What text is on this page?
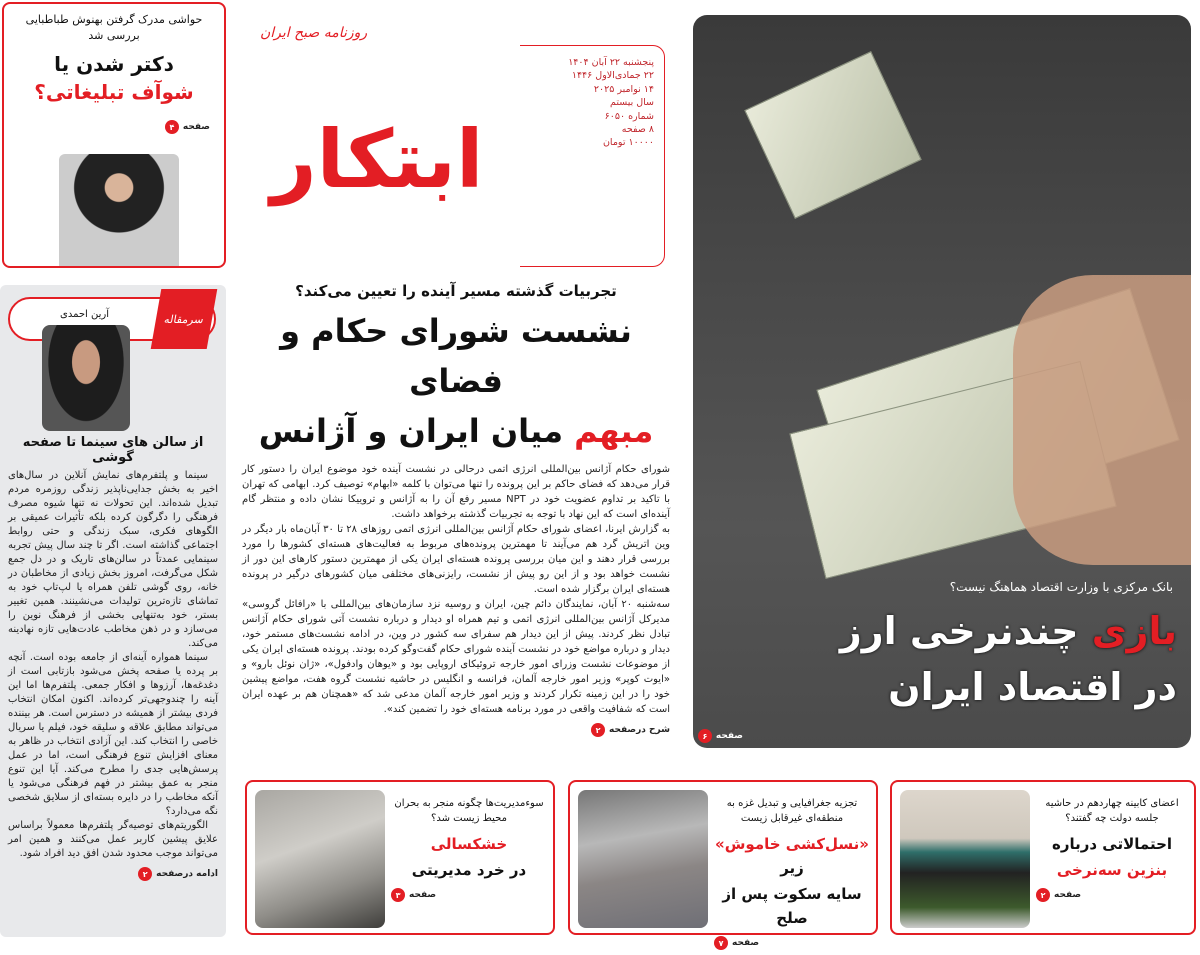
حواشی مدرک گرفتن بهنوش طباطبایی بررسی شد
دکتر شدن یا
شوآف تبلیغاتی؟
صفحه
۴
سرمقاله
آرین احمدی
از سالن های سینما تا صفحه گوشی

سینما و پلتفرم‌های نمایش آنلاین در سال‌های اخیر به بخش جدایی‌ناپذیر زندگی روزمره مردم تبدیل شده‌اند. این تحولات نه تنها شیوه مصرف فرهنگی را دگرگون کرده بلکه تأثیرات عمیقی بر الگوهای فکری، سبک زندگی و حتی روابط اجتماعی گذاشته است. اگر تا چند سال پیش تجربه سینمایی عمدتاً در سالن‌های تاریک و در دل جمع شکل می‌گرفت، امروز بخش زیادی از مخاطبان در خانه، روی گوشی تلفن همراه یا لپ‌تاپ خود به تماشای تازه‌ترین تولیدات می‌نشینند. همین تغییر بستر، خود به‌تنهایی بخشی از فرهنگ نوین را می‌سازد و در ذهن مخاطب عادت‌هایی تازه نهادینه می‌کند.

سینما همواره آینه‌ای از جامعه بوده است. آنچه بر پرده یا صفحه پخش می‌شود بازتابی است از دغدغه‌ها، آرزوها و افکار جمعی. پلتفرم‌ها اما این آینه را چندوجهی‌تر کرده‌اند. اکنون امکان انتخاب فردی بیشتر از همیشه در دسترس است. هر بیننده می‌تواند مطابق علاقه و سلیقه خود، فیلم یا سریال خاصی را انتخاب کند. این آزادی انتخاب در ظاهر به معنای افزایش تنوع فرهنگی است، اما در عمل پرسش‌هایی جدی را مطرح می‌کند. آیا این تنوع منجر به عمق بیشتر در فهم فرهنگی می‌شود یا آنکه مخاطب را در دایره بسته‌ای از سلایق شخصی نگه می‌دارد؟

الگوریتم‌های توصیه‌گر پلتفرم‌ها معمولاً براساس علایق پیشین کاربر عمل می‌کنند و همین امر می‌تواند موجب محدود شدن افق دید افراد شود.

ادامه درصفحه
۲
ابتکار
روزنامه صبح ایران
پنجشنبه ۲۲ آبان ۱۴۰۴
۲۲ جمادی‌الاول ۱۴۴۶
۱۴ نوامبر ۲۰۲۵
سال بیستم
شماره ۶۰۵۰
۸ صفحه
۱۰۰۰۰ تومان
تجربیات گذشته مسیر آینده را تعیین می‌کند؟
نشست شورای حکام و فضای
مبهم میان ایران و آژانس

شورای حکام آژانس بین‌المللی انرژی اتمی درحالی در نشست آینده خود موضوع ایران را دستور کار قرار می‌دهد که فضای حاکم بر این پرونده را تنها می‌توان با کلمه «ابهام» توصیف کرد. ابهامی که تهران با تاکید بر تداوم عضویت خود در NPT مسیر رفع آن را به آژانس و تروییکا نشان داده و منتظر گام آینده‌ای است که این نهاد با توجه به تجربیات گذشته برخواهد داشت.

به گزارش ایرنا، اعضای شورای حکام آژانس بین‌المللی انرژی اتمی روزهای ۲۸ تا ۳۰ آبان‌ماه بار دیگر در وین اتریش گرد هم می‌آیند تا مهمترین پرونده‌های مربوط به فعالیت‌های هسته‌ای کشورها را مورد بررسی قرار دهند و این میان بررسی پرونده هسته‌ای ایران یکی از مهمترین دستور کارهای این دور از نشست خواهد بود و از این رو پیش از نشست، رایزنی‌های مختلفی میان کشورهای درگیر در پرونده هسته‌ای ایران برگزار شده است.

سه‌شنبه ۲۰ آبان، نمایندگان دائم چین، ایران و روسیه نزد سازمان‌های بین‌المللی با «رافائل گروسی» مدیرکل آژانس بین‌المللی انرژی اتمی و تیم همراه او دیدار و درباره نشست آتی شورای حکام آژانس تبادل نظر کردند. پیش از این دیدار هم سفرای سه کشور در وین، در ادامه نشست‌های مستمر خود، دیدار و درباره مواضع خود در نشست آینده شورای حکام گفت‌وگو کرده بودند. پرونده هسته‌ای ایران یکی از موضوعات نشست وزرای امور خارجه تروئیکای اروپایی بود و «یوهان وادفول»، «ژان نوئل بارو» و «ایوت کوپر» وزیر امور خارجه آلمان، فرانسه و انگلیس در حاشیه نشست گروه هفت، مواضع پیشین خود را در این زمینه تکرار کردند و وزیر امور خارجه آلمان مدعی شد که «همچنان هم بر عهده ایران است که شفافیت واقعی در مورد برنامه هسته‌ای خود را تضمین کند».

شرح درصفحه
۲
بانک مرکزی با وزارت اقتصاد هماهنگ نیست؟
بازی چندنرخی ارز
در اقتصاد ایران
صفحه
۶
سوءمدیریت‌ها چگونه منجر به بحران محیط زیست شد؟
خشکسالی
در خرد مدیریتی
صفحه
۳
تجزیه جغرافیایی و تبدیل غزه به منطقه‌ای غیرقابل زیست
«نسل‌کشی خاموش» زیر
سایه سکوت پس از صلح
صفحه
۷
اعضای کابینه چهاردهم در حاشیه جلسه دولت چه گفتند؟
احتمالاتی درباره
بنزین سه‌نرخی
صفحه
۲
